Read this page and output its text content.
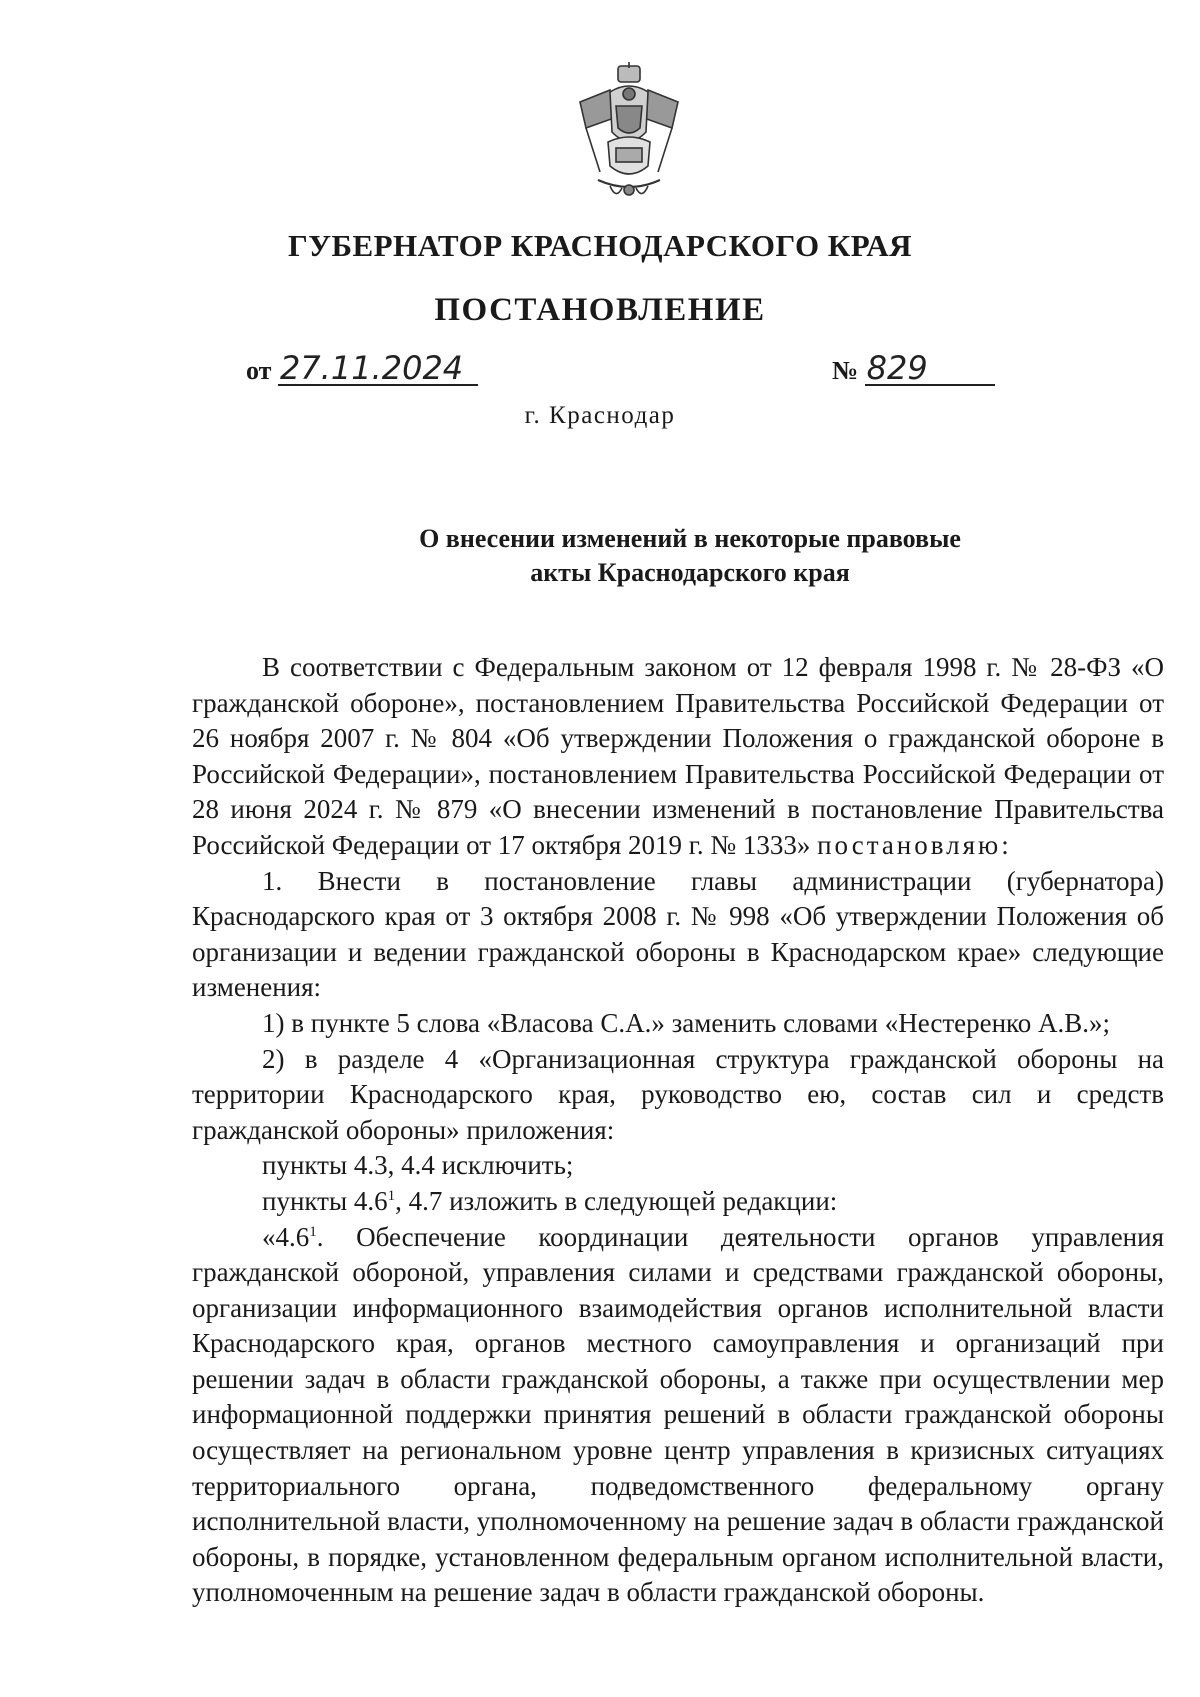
ГУБЕРНАТОР КРАСНОДАРСКОГО КРАЯ
ПОСТАНОВЛЕНИЕ
от 27.11.2024	№ 829
г. Краснодар
О внесении изменений в некоторые правовые
акты Краснодарского края

В соответствии с Федеральным законом от 12 февраля 1998 г. № 28-ФЗ «О гражданской обороне», постановлением Правительства Российской Федерации от 26 ноября 2007 г. № 804 «Об утверждении Положения о гражданской обороне в Российской Федерации», постановлением Правительства Российской Федерации от 28 июня 2024 г. № 879 «О внесении изменений в постановление Правительства Российской Федерации от 17 октября 2019 г. № 1333» постановляю:

1. Внести в постановление главы администрации (губернатора) Краснодарского края от 3 октября 2008 г. № 998 «Об утверждении Положения об организации и ведении гражданской обороны в Краснодарском крае» следующие изменения:

1) в пункте 5 слова «Власова С.А.» заменить словами «Нестеренко А.В.»;

2) в разделе 4 «Организационная структура гражданской обороны на территории Краснодарского края, руководство ею, состав сил и средств гражданской обороны» приложения:

пункты 4.3, 4.4 исключить;

пункты $4.6^1$, 4.7 изложить в следующей редакции:

«$4.6^1$. Обеспечение координации деятельности органов управления гражданской обороной, управления силами и средствами гражданской обороны, организации информационного взаимодействия органов исполнительной власти Краснодарского края, органов местного самоуправления и организаций при решении задач в области гражданской обороны, а также при осуществлении мер информационной поддержки принятия решений в области гражданской обороны осуществляет на региональном уровне центр управления в кризисных ситуациях территориального органа, подведомственного федеральному органу исполнительной власти, уполномоченному на решение задач в области гражданской обороны, в порядке, установленном федеральным органом исполнительной власти, уполномоченным на решение задач в области гражданской обороны.
